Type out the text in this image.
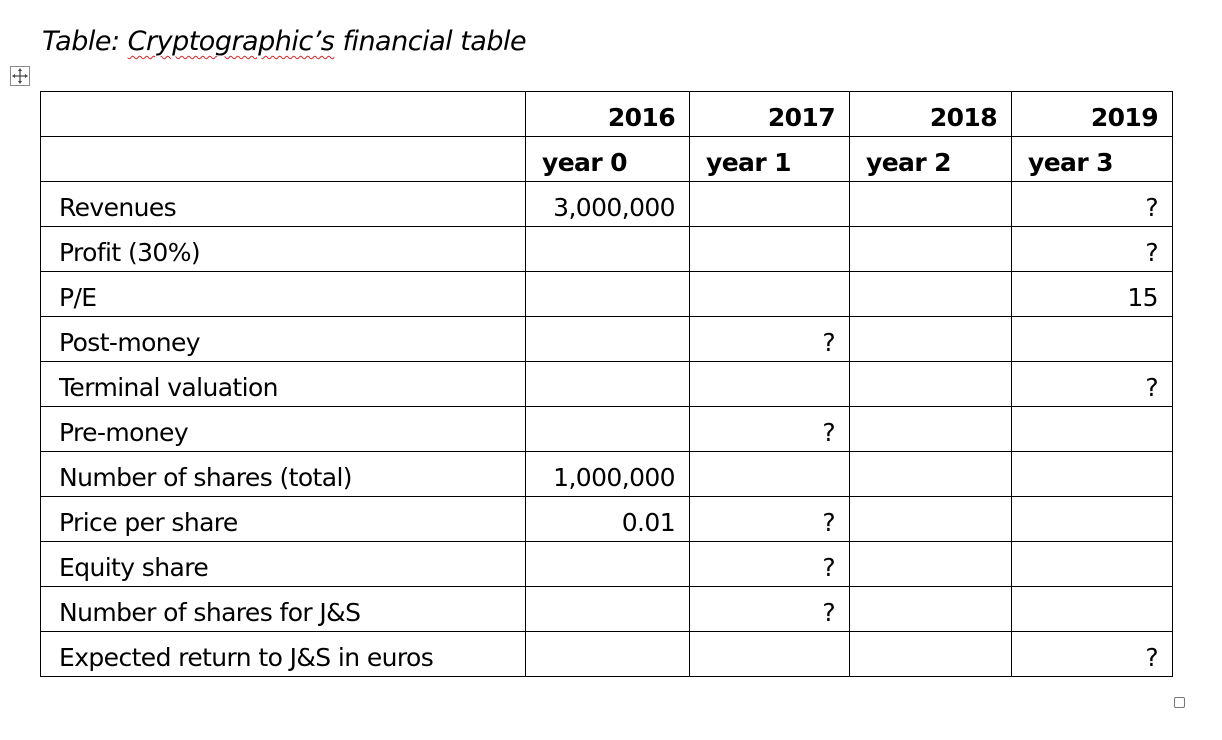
Table: Cryptographic’s financial table
	2016	2017	2018	2019
	year 0	year 1	year 2	year 3
Revenues	3,000,000			?
Profit (30%)				?
P/E				15
Post-money		?		
Terminal valuation				?
Pre-money		?		
Number of shares (total)	1,000,000			
Price per share	0.01	?		
Equity share		?		
Number of shares for J&S		?		
Expected return to J&S in euros				?
